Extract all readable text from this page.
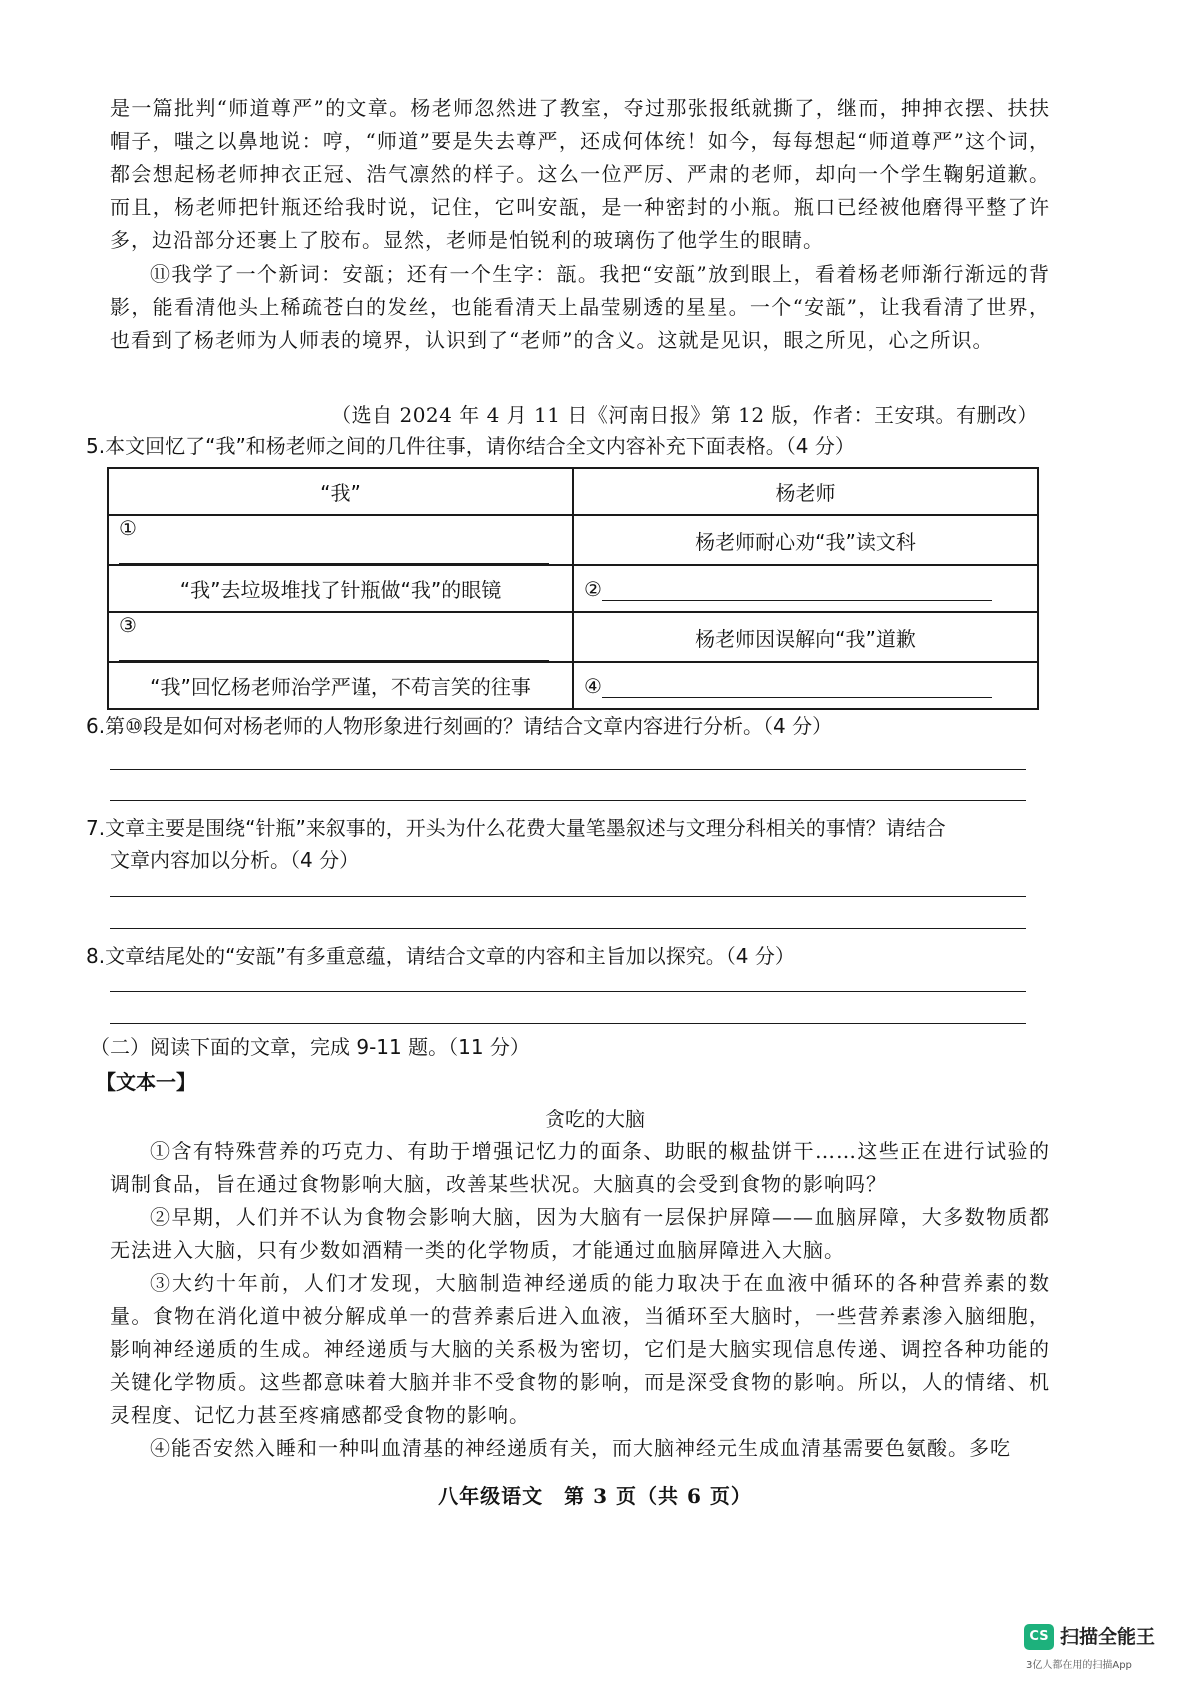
是一篇批判“师道尊严”的文章。杨老师忽然进了教室，夺过那张报纸就撕了，继而，抻抻衣摆、扶扶帽子，嗤之以鼻地说：哼，“师道”要是失去尊严，还成何体统！如今，每每想起“师道尊严”这个词，都会想起杨老师抻衣正冠、浩气凛然的样子。这么一位严厉、严肃的老师，却向一个学生鞠躬道歉。而且，杨老师把针瓶还给我时说，记住，它叫安瓿，是一种密封的小瓶。瓶口已经被他磨得平整了许多，边沿部分还裹上了胶布。显然，老师是怕锐利的玻璃伤了他学生的眼睛。

⑪我学了一个新词：安瓿；还有一个生字：瓿。我把“安瓿”放到眼上，看着杨老师渐行渐远的背影，能看清他头上稀疏苍白的发丝，也能看清天上晶莹剔透的星星。一个“安瓿”，让我看清了世界，也看到了杨老师为人师表的境界，认识到了“老师”的含义。这就是见识，眼之所见，心之所识。

（选自 2024 年 4 月 11 日《河南日报》第 12 版，作者：王安琪。有删改）

5.本文回忆了“我”和杨老师之间的几件往事，请你结合全文内容补充下面表格。（4 分）

“我”	杨老师
①	杨老师耐心劝“我”读文科
“我”去垃圾堆找了针瓶做“我”的眼镜	②
③	杨老师因误解向“我”道歉
“我”回忆杨老师治学严谨，不苟言笑的往事	④

6.第⑩段是如何对杨老师的人物形象进行刻画的？请结合文章内容进行分析。（4 分）

7.文章主要是围绕“针瓶”来叙事的，开头为什么花费大量笔墨叙述与文理分科相关的事情？请结合
文章内容加以分析。（4 分）

8.文章结尾处的“安瓿”有多重意蕴，请结合文章的内容和主旨加以探究。（4 分）

（二）阅读下面的文章，完成 9-11 题。（11 分）

【文本一】

贪吃的大脑

①含有特殊营养的巧克力、有助于增强记忆力的面条、助眠的椒盐饼干……这些正在进行试验的调制食品，旨在通过食物影响大脑，改善某些状况。大脑真的会受到食物的影响吗？

②早期，人们并不认为食物会影响大脑，因为大脑有一层保护屏障——血脑屏障，大多数物质都无法进入大脑，只有少数如酒精一类的化学物质，才能通过血脑屏障进入大脑。

③大约十年前，人们才发现，大脑制造神经递质的能力取决于在血液中循环的各种营养素的数量。食物在消化道中被分解成单一的营养素后进入血液，当循环至大脑时，一些营养素渗入脑细胞，影响神经递质的生成。神经递质与大脑的关系极为密切，它们是大脑实现信息传递、调控各种功能的关键化学物质。这些都意味着大脑并非不受食物的影响，而是深受食物的影响。所以，人的情绪、机灵程度、记忆力甚至疼痛感都受食物的影响。

④能否安然入睡和一种叫血清基的神经递质有关，而大脑神经元生成血清基需要色氨酸。多吃

八年级语文　第 3 页（共 6 页）

CS 扫描全能王
3亿人都在用的扫描App
